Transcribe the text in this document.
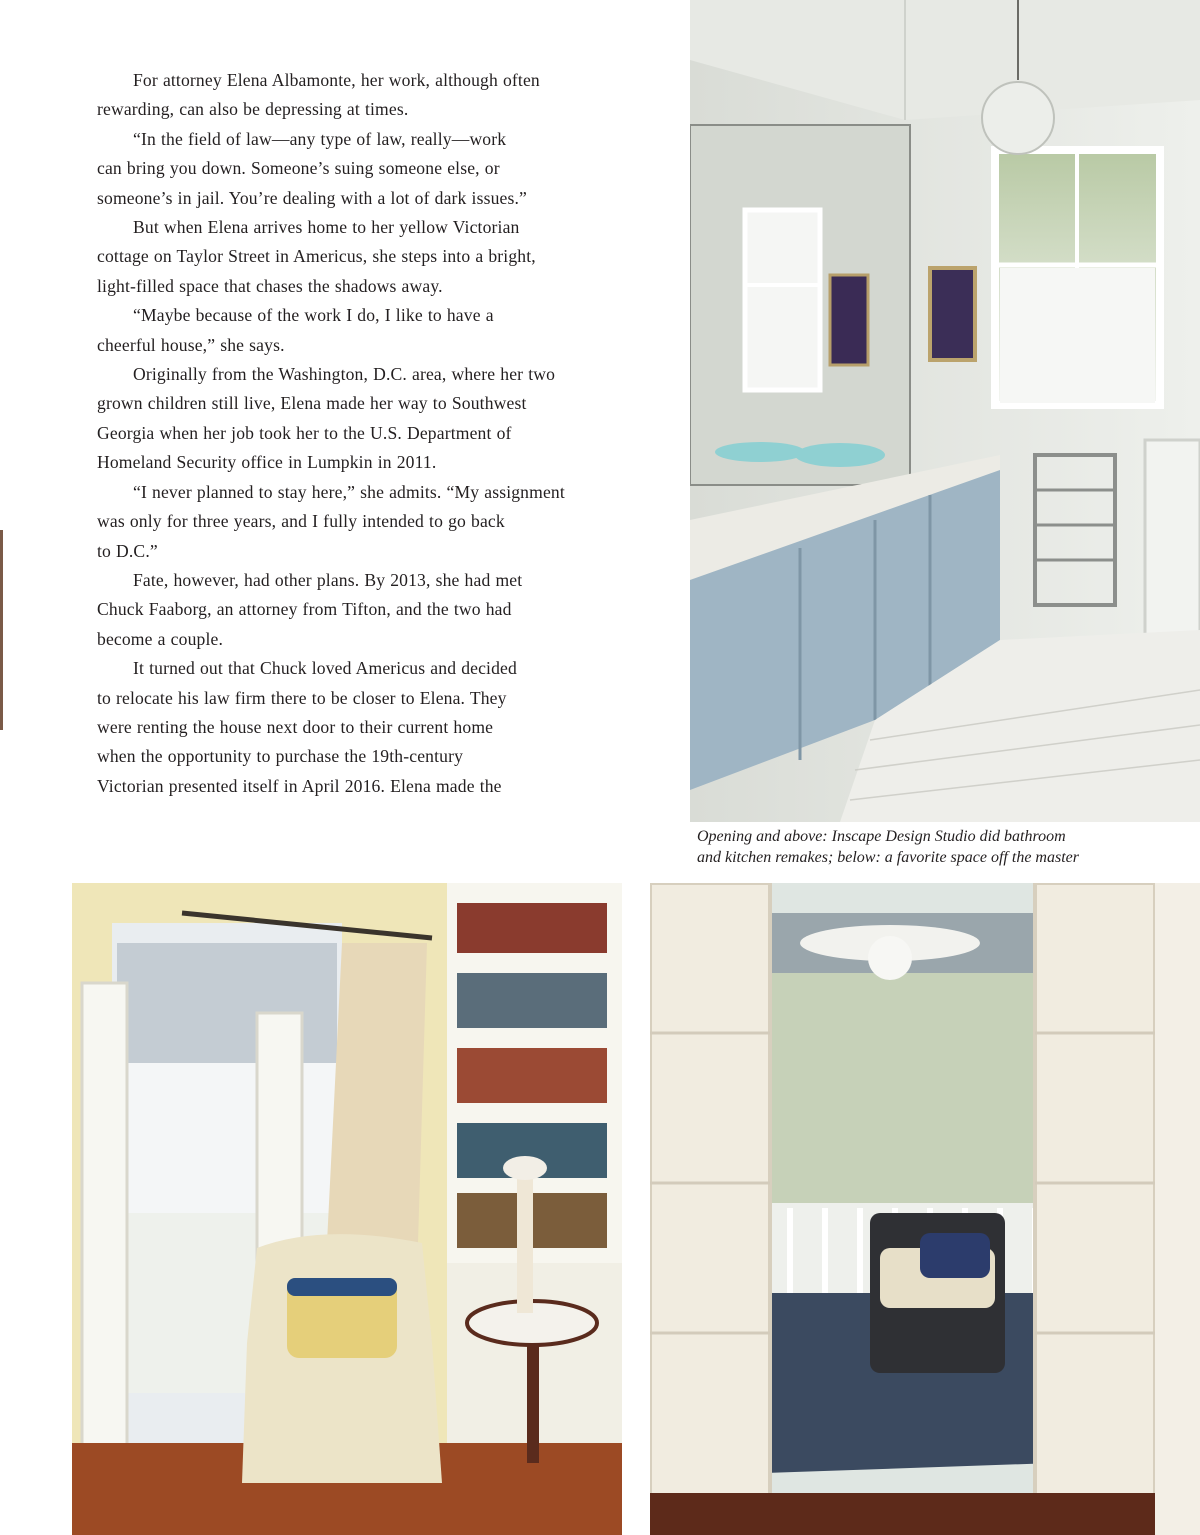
For attorney Elena Albamonte, her work, although often
rewarding, can also be depressing at times.
“In the field of law—any type of law, really—work
can bring you down. Someone’s suing someone else, or
someone’s in jail. You’re dealing with a lot of dark issues.”
But when Elena arrives home to her yellow Victorian
cottage on Taylor Street in Americus, she steps into a bright,
light-filled space that chases the shadows away.
“Maybe because of the work I do, I like to have a
cheerful house,” she says.
Originally from the Washington, D.C. area, where her two
grown children still live, Elena made her way to Southwest
Georgia when her job took her to the U.S. Department of
Homeland Security office in Lumpkin in 2011.
“I never planned to stay here,” she admits. “My assignment
was only for three years, and I fully intended to go back
to D.C.”
Fate, however, had other plans. By 2013, she had met
Chuck Faaborg, an attorney from Tifton, and the two had
become a couple.
It turned out that Chuck loved Americus and decided
to relocate his law firm there to be closer to Elena. They
were renting the house next door to their current home
when the opportunity to purchase the 19th-century
Victorian presented itself in April 2016. Elena made the

Opening and above: Inscape Design Studio did bathroom
and kitchen remakes; below: a favorite space off the master
